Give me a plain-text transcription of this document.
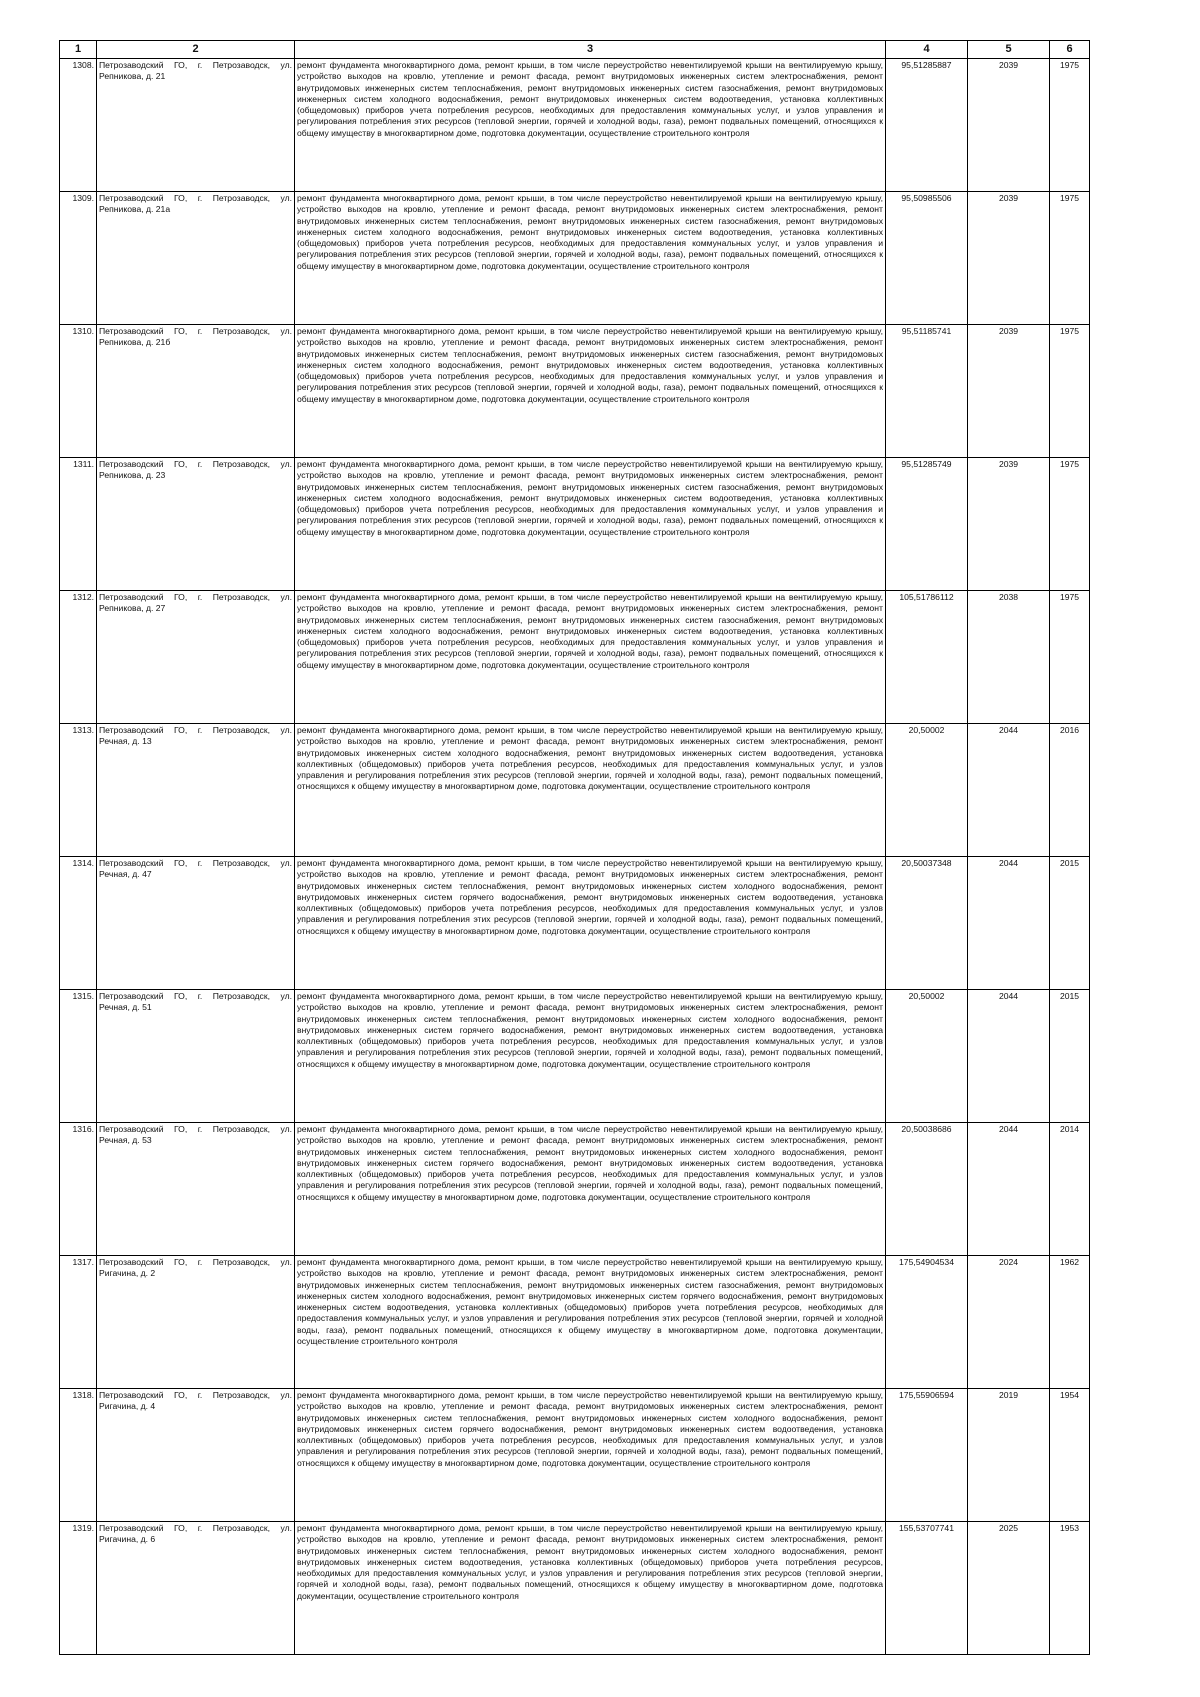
1	2	3	4	5	6
1308.	Петрозаводский ГО, г. Петрозаводск, ул. Репникова, д. 21	ремонт фундамента многоквартирного дома, ремонт крыши, в том числе переустройство невентилируемой крыши на вентилируемую крышу, устройство выходов на кровлю, утепление и ремонт фасада, ремонт внутридомовых инженерных систем электроснабжения, ремонт внутридомовых инженерных систем теплоснабжения, ремонт внутридомовых инженерных систем газоснабжения, ремонт внутридомовых инженерных систем холодного водоснабжения, ремонт внутридомовых инженерных систем водоотведения, установка коллективных (общедомовых) приборов учета потребления ресурсов, необходимых для предоставления коммунальных услуг, и узлов управления и регулирования потребления этих ресурсов (тепловой энергии, горячей и холодной воды, газа), ремонт подвальных помещений, относящихся к общему имуществу в многоквартирном доме, подготовка документации, осуществление строительного контроля	95,51285887	2039	1975
1309.	Петрозаводский ГО, г. Петрозаводск, ул. Репникова, д. 21а	ремонт фундамента многоквартирного дома, ремонт крыши, в том числе переустройство невентилируемой крыши на вентилируемую крышу, устройство выходов на кровлю, утепление и ремонт фасада, ремонт внутридомовых инженерных систем электроснабжения, ремонт внутридомовых инженерных систем теплоснабжения, ремонт внутридомовых инженерных систем газоснабжения, ремонт внутридомовых инженерных систем холодного водоснабжения, ремонт внутридомовых инженерных систем водоотведения, установка коллективных (общедомовых) приборов учета потребления ресурсов, необходимых для предоставления коммунальных услуг, и узлов управления и регулирования потребления этих ресурсов (тепловой энергии, горячей и холодной воды, газа), ремонт подвальных помещений, относящихся к общему имуществу в многоквартирном доме, подготовка документации, осуществление строительного контроля	95,50985506	2039	1975
1310.	Петрозаводский ГО, г. Петрозаводск, ул. Репникова, д. 21б	ремонт фундамента многоквартирного дома, ремонт крыши, в том числе переустройство невентилируемой крыши на вентилируемую крышу, устройство выходов на кровлю, утепление и ремонт фасада, ремонт внутридомовых инженерных систем электроснабжения, ремонт внутридомовых инженерных систем теплоснабжения, ремонт внутридомовых инженерных систем газоснабжения, ремонт внутридомовых инженерных систем холодного водоснабжения, ремонт внутридомовых инженерных систем водоотведения, установка коллективных (общедомовых) приборов учета потребления ресурсов, необходимых для предоставления коммунальных услуг, и узлов управления и регулирования потребления этих ресурсов (тепловой энергии, горячей и холодной воды, газа), ремонт подвальных помещений, относящихся к общему имуществу в многоквартирном доме, подготовка документации, осуществление строительного контроля	95,51185741	2039	1975
1311.	Петрозаводский ГО, г. Петрозаводск, ул. Репникова, д. 23	ремонт фундамента многоквартирного дома, ремонт крыши, в том числе переустройство невентилируемой крыши на вентилируемую крышу, устройство выходов на кровлю, утепление и ремонт фасада, ремонт внутридомовых инженерных систем электроснабжения, ремонт внутридомовых инженерных систем теплоснабжения, ремонт внутридомовых инженерных систем газоснабжения, ремонт внутридомовых инженерных систем холодного водоснабжения, ремонт внутридомовых инженерных систем водоотведения, установка коллективных (общедомовых) приборов учета потребления ресурсов, необходимых для предоставления коммунальных услуг, и узлов управления и регулирования потребления этих ресурсов (тепловой энергии, горячей и холодной воды, газа), ремонт подвальных помещений, относящихся к общему имуществу в многоквартирном доме, подготовка документации, осуществление строительного контроля	95,51285749	2039	1975
1312.	Петрозаводский ГО, г. Петрозаводск, ул. Репникова, д. 27	ремонт фундамента многоквартирного дома, ремонт крыши, в том числе переустройство невентилируемой крыши на вентилируемую крышу, устройство выходов на кровлю, утепление и ремонт фасада, ремонт внутридомовых инженерных систем электроснабжения, ремонт внутридомовых инженерных систем теплоснабжения, ремонт внутридомовых инженерных систем газоснабжения, ремонт внутридомовых инженерных систем холодного водоснабжения, ремонт внутридомовых инженерных систем водоотведения, установка коллективных (общедомовых) приборов учета потребления ресурсов, необходимых для предоставления коммунальных услуг, и узлов управления и регулирования потребления этих ресурсов (тепловой энергии, горячей и холодной воды, газа), ремонт подвальных помещений, относящихся к общему имуществу в многоквартирном доме, подготовка документации, осуществление строительного контроля	105,51786112	2038	1975
1313.	Петрозаводский ГО, г. Петрозаводск, ул. Речная, д. 13	ремонт фундамента многоквартирного дома, ремонт крыши, в том числе переустройство невентилируемой крыши на вентилируемую крышу, устройство выходов на кровлю, утепление и ремонт фасада, ремонт внутридомовых инженерных систем электроснабжения, ремонт внутридомовых инженерных систем холодного водоснабжения, ремонт внутридомовых инженерных систем водоотведения, установка коллективных (общедомовых) приборов учета потребления ресурсов, необходимых для предоставления коммунальных услуг, и узлов управления и регулирования потребления этих ресурсов (тепловой энергии, горячей и холодной воды, газа), ремонт подвальных помещений, относящихся к общему имуществу в многоквартирном доме, подготовка документации, осуществление строительного контроля	20,50002	2044	2016
1314.	Петрозаводский ГО, г. Петрозаводск, ул. Речная, д. 47	ремонт фундамента многоквартирного дома, ремонт крыши, в том числе переустройство невентилируемой крыши на вентилируемую крышу, устройство выходов на кровлю, утепление и ремонт фасада, ремонт внутридомовых инженерных систем электроснабжения, ремонт внутридомовых инженерных систем теплоснабжения, ремонт внутридомовых инженерных систем холодного водоснабжения, ремонт внутридомовых инженерных систем горячего водоснабжения, ремонт внутридомовых инженерных систем водоотведения, установка коллективных (общедомовых) приборов учета потребления ресурсов, необходимых для предоставления коммунальных услуг, и узлов управления и регулирования потребления этих ресурсов (тепловой энергии, горячей и холодной воды, газа), ремонт подвальных помещений, относящихся к общему имуществу в многоквартирном доме, подготовка документации, осуществление строительного контроля	20,50037348	2044	2015
1315.	Петрозаводский ГО, г. Петрозаводск, ул. Речная, д. 51	ремонт фундамента многоквартирного дома, ремонт крыши, в том числе переустройство невентилируемой крыши на вентилируемую крышу, устройство выходов на кровлю, утепление и ремонт фасада, ремонт внутридомовых инженерных систем электроснабжения, ремонт внутридомовых инженерных систем теплоснабжения, ремонт внутридомовых инженерных систем холодного водоснабжения, ремонт внутридомовых инженерных систем горячего водоснабжения, ремонт внутридомовых инженерных систем водоотведения, установка коллективных (общедомовых) приборов учета потребления ресурсов, необходимых для предоставления коммунальных услуг, и узлов управления и регулирования потребления этих ресурсов (тепловой энергии, горячей и холодной воды, газа), ремонт подвальных помещений, относящихся к общему имуществу в многоквартирном доме, подготовка документации, осуществление строительного контроля	20,50002	2044	2015
1316.	Петрозаводский ГО, г. Петрозаводск, ул. Речная, д. 53	ремонт фундамента многоквартирного дома, ремонт крыши, в том числе переустройство невентилируемой крыши на вентилируемую крышу, устройство выходов на кровлю, утепление и ремонт фасада, ремонт внутридомовых инженерных систем электроснабжения, ремонт внутридомовых инженерных систем теплоснабжения, ремонт внутридомовых инженерных систем холодного водоснабжения, ремонт внутридомовых инженерных систем горячего водоснабжения, ремонт внутридомовых инженерных систем водоотведения, установка коллективных (общедомовых) приборов учета потребления ресурсов, необходимых для предоставления коммунальных услуг, и узлов управления и регулирования потребления этих ресурсов (тепловой энергии, горячей и холодной воды, газа), ремонт подвальных помещений, относящихся к общему имуществу в многоквартирном доме, подготовка документации, осуществление строительного контроля	20,50038686	2044	2014
1317.	Петрозаводский ГО, г. Петрозаводск, ул. Ригачина, д. 2	ремонт фундамента многоквартирного дома, ремонт крыши, в том числе переустройство невентилируемой крыши на вентилируемую крышу, устройство выходов на кровлю, утепление и ремонт фасада, ремонт внутридомовых инженерных систем электроснабжения, ремонт внутридомовых инженерных систем теплоснабжения, ремонт внутридомовых инженерных систем газоснабжения, ремонт внутридомовых инженерных систем холодного водоснабжения, ремонт внутридомовых инженерных систем горячего водоснабжения, ремонт внутридомовых инженерных систем водоотведения, установка коллективных (общедомовых) приборов учета потребления ресурсов, необходимых для предоставления коммунальных услуг, и узлов управления и регулирования потребления этих ресурсов (тепловой энергии, горячей и холодной воды, газа), ремонт подвальных помещений, относящихся к общему имуществу в многоквартирном доме, подготовка документации, осуществление строительного контроля	175,54904534	2024	1962
1318.	Петрозаводский ГО, г. Петрозаводск, ул. Ригачина, д. 4	ремонт фундамента многоквартирного дома, ремонт крыши, в том числе переустройство невентилируемой крыши на вентилируемую крышу, устройство выходов на кровлю, утепление и ремонт фасада, ремонт внутридомовых инженерных систем электроснабжения, ремонт внутридомовых инженерных систем теплоснабжения, ремонт внутридомовых инженерных систем холодного водоснабжения, ремонт внутридомовых инженерных систем горячего водоснабжения, ремонт внутридомовых инженерных систем водоотведения, установка коллективных (общедомовых) приборов учета потребления ресурсов, необходимых для предоставления коммунальных услуг, и узлов управления и регулирования потребления этих ресурсов (тепловой энергии, горячей и холодной воды, газа), ремонт подвальных помещений, относящихся к общему имуществу в многоквартирном доме, подготовка документации, осуществление строительного контроля	175,55906594	2019	1954
1319.	Петрозаводский ГО, г. Петрозаводск, ул. Ригачина, д. 6	ремонт фундамента многоквартирного дома, ремонт крыши, в том числе переустройство невентилируемой крыши на вентилируемую крышу, устройство выходов на кровлю, утепление и ремонт фасада, ремонт внутридомовых инженерных систем электроснабжения, ремонт внутридомовых инженерных систем теплоснабжения, ремонт внутридомовых инженерных систем холодного водоснабжения, ремонт внутридомовых инженерных систем водоотведения, установка коллективных (общедомовых) приборов учета потребления ресурсов, необходимых для предоставления коммунальных услуг, и узлов управления и регулирования потребления этих ресурсов (тепловой энергии, горячей и холодной воды, газа), ремонт подвальных помещений, относящихся к общему имуществу в многоквартирном доме, подготовка документации, осуществление строительного контроля	155,53707741	2025	1953
